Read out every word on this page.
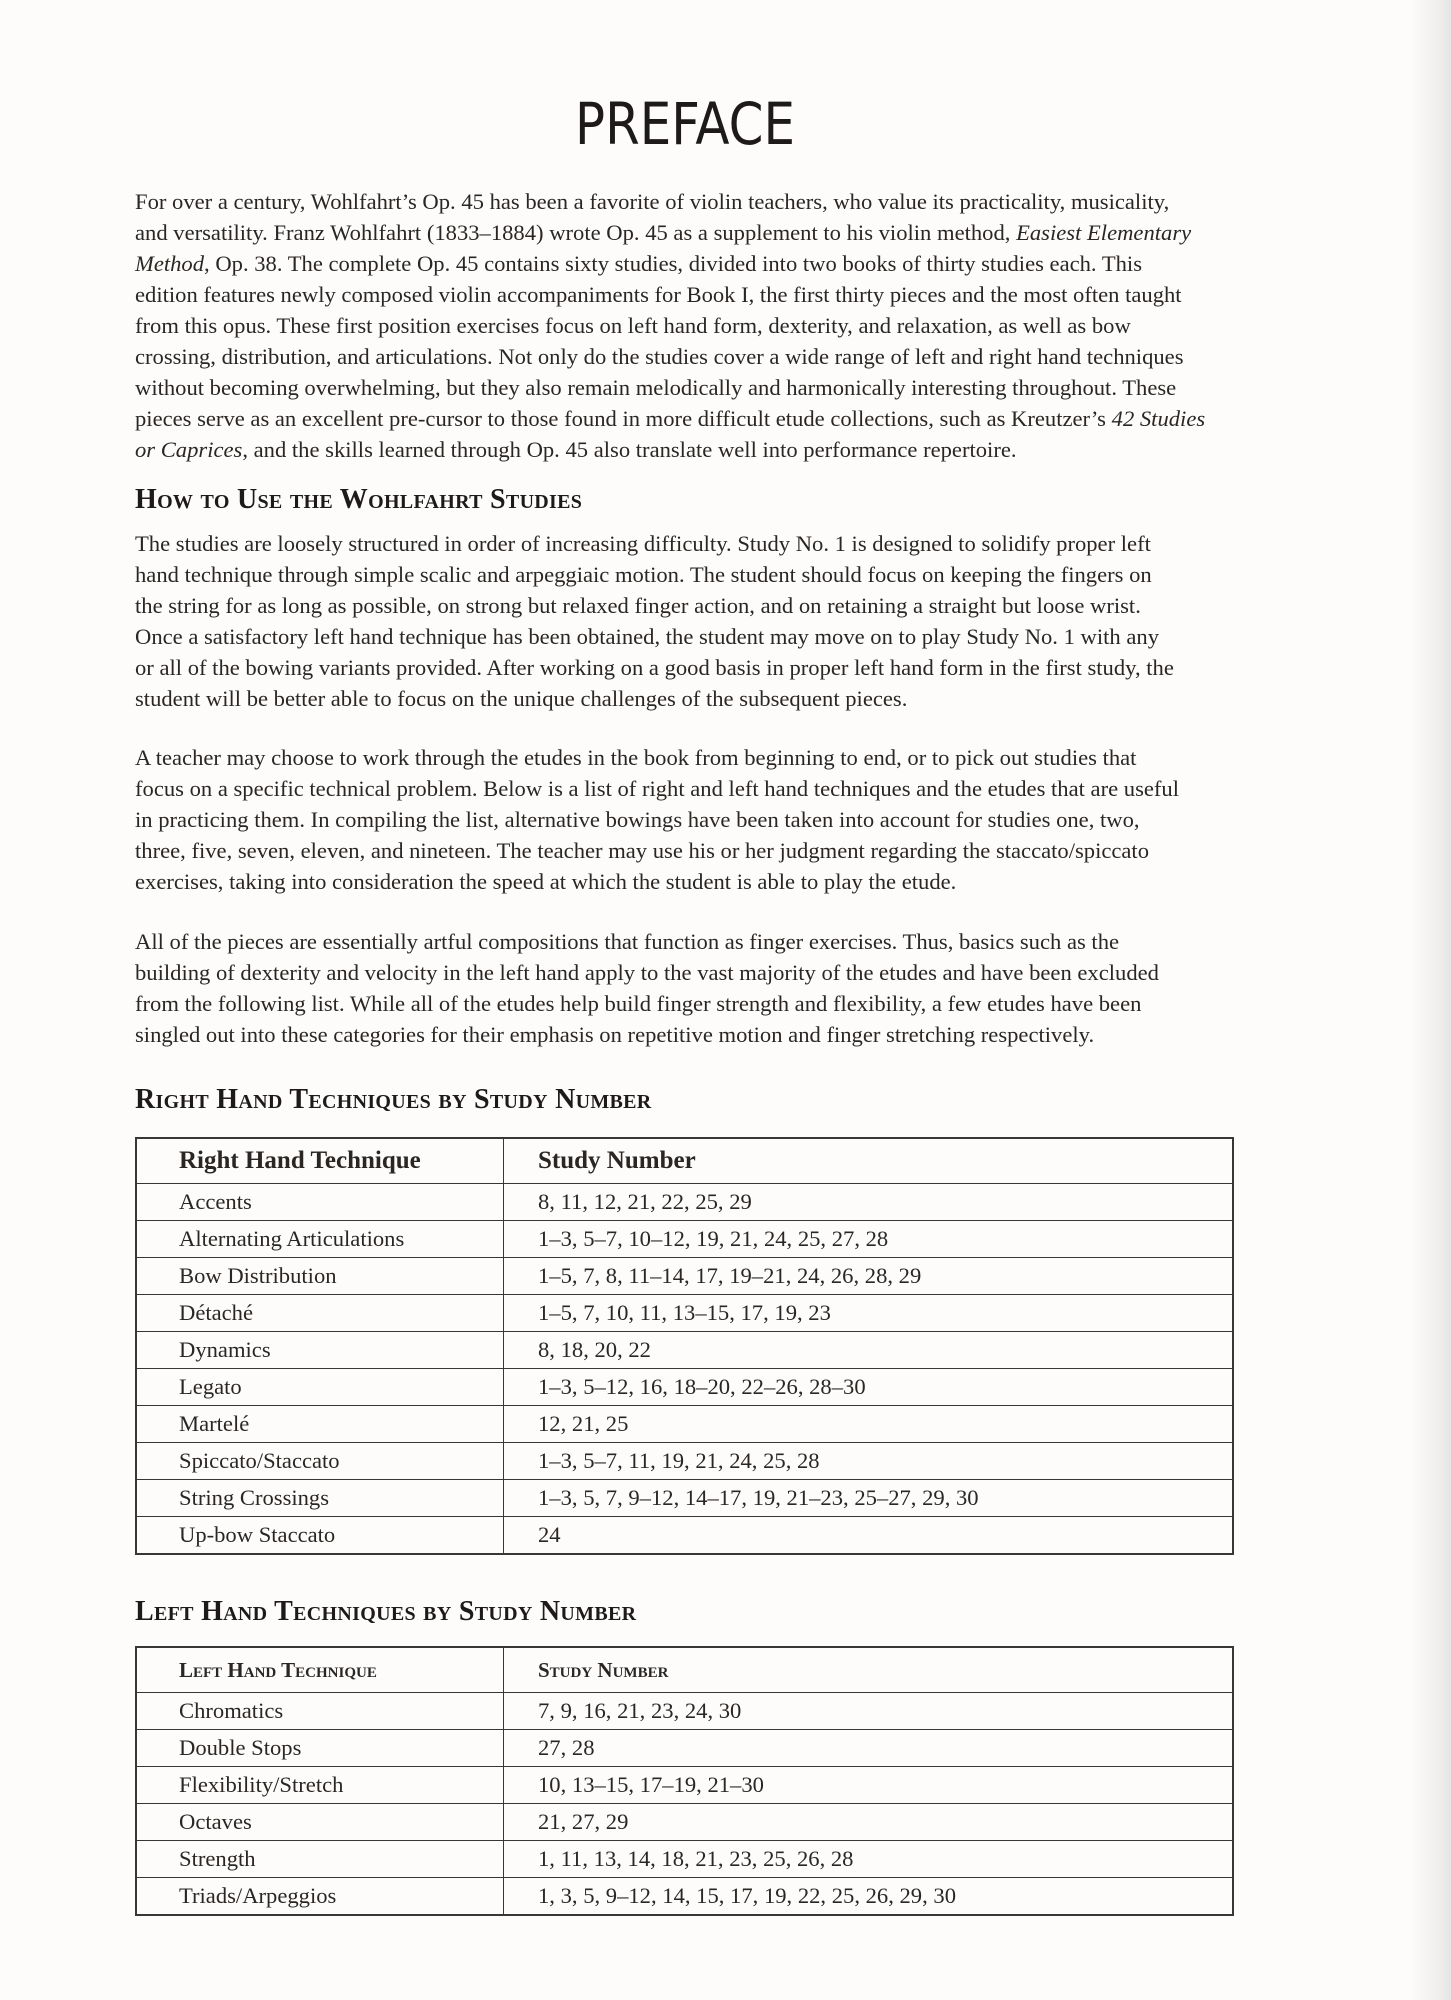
PREFACE
For over a century, Wohlfahrt’s Op. 45 has been a favorite of violin teachers, who value its practicality, musicality,
and versatility. Franz Wohlfahrt (1833–1884) wrote Op. 45 as a supplement to his violin method, Easiest Elementary
Method, Op. 38. The complete Op. 45 contains sixty studies, divided into two books of thirty studies each. This
edition features newly composed violin accompaniments for Book I, the first thirty pieces and the most often taught
from this opus. These first position exercises focus on left hand form, dexterity, and relaxation, as well as bow
crossing, distribution, and articulations. Not only do the studies cover a wide range of left and right hand techniques
without becoming overwhelming, but they also remain melodically and harmonically interesting throughout. These
pieces serve as an excellent pre-cursor to those found in more difficult etude collections, such as Kreutzer’s 42 Studies
or Caprices, and the skills learned through Op. 45 also translate well into performance repertoire.
How to Use the Wohlfahrt Studies
The studies are loosely structured in order of increasing difficulty. Study No. 1 is designed to solidify proper left
hand technique through simple scalic and arpeggiaic motion. The student should focus on keeping the fingers on
the string for as long as possible, on strong but relaxed finger action, and on retaining a straight but loose wrist.
Once a satisfactory left hand technique has been obtained, the student may move on to play Study No. 1 with any
or all of the bowing variants provided. After working on a good basis in proper left hand form in the first study, the
student will be better able to focus on the unique challenges of the subsequent pieces.
A teacher may choose to work through the etudes in the book from beginning to end, or to pick out studies that
focus on a specific technical problem. Below is a list of right and left hand techniques and the etudes that are useful
in practicing them. In compiling the list, alternative bowings have been taken into account for studies one, two,
three, five, seven, eleven, and nineteen. The teacher may use his or her judgment regarding the staccato/spiccato
exercises, taking into consideration the speed at which the student is able to play the etude.
All of the pieces are essentially artful compositions that function as finger exercises. Thus, basics such as the
building of dexterity and velocity in the left hand apply to the vast majority of the etudes and have been excluded
from the following list. While all of the etudes help build finger strength and flexibility, a few etudes have been
singled out into these categories for their emphasis on repetitive motion and finger stretching respectively.
Right Hand Techniques by Study Number
Right Hand Technique	Study Number
Accents	8, 11, 12, 21, 22, 25, 29
Alternating Articulations	1–3, 5–7, 10–12, 19, 21, 24, 25, 27, 28
Bow Distribution	1–5, 7, 8, 11–14, 17, 19–21, 24, 26, 28, 29
Détaché	1–5, 7, 10, 11, 13–15, 17, 19, 23
Dynamics	8, 18, 20, 22
Legato	1–3, 5–12, 16, 18–20, 22–26, 28–30
Martelé	12, 21, 25
Spiccato/Staccato	1–3, 5–7, 11, 19, 21, 24, 25, 28
String Crossings	1–3, 5, 7, 9–12, 14–17, 19, 21–23, 25–27, 29, 30
Up-bow Staccato	24
Left Hand Techniques by Study Number
Left Hand Technique	Study Number
Chromatics	7, 9, 16, 21, 23, 24, 30
Double Stops	27, 28
Flexibility/Stretch	10, 13–15, 17–19, 21–30
Octaves	21, 27, 29
Strength	1, 11, 13, 14, 18, 21, 23, 25, 26, 28
Triads/Arpeggios	1, 3, 5, 9–12, 14, 15, 17, 19, 22, 25, 26, 29, 30
